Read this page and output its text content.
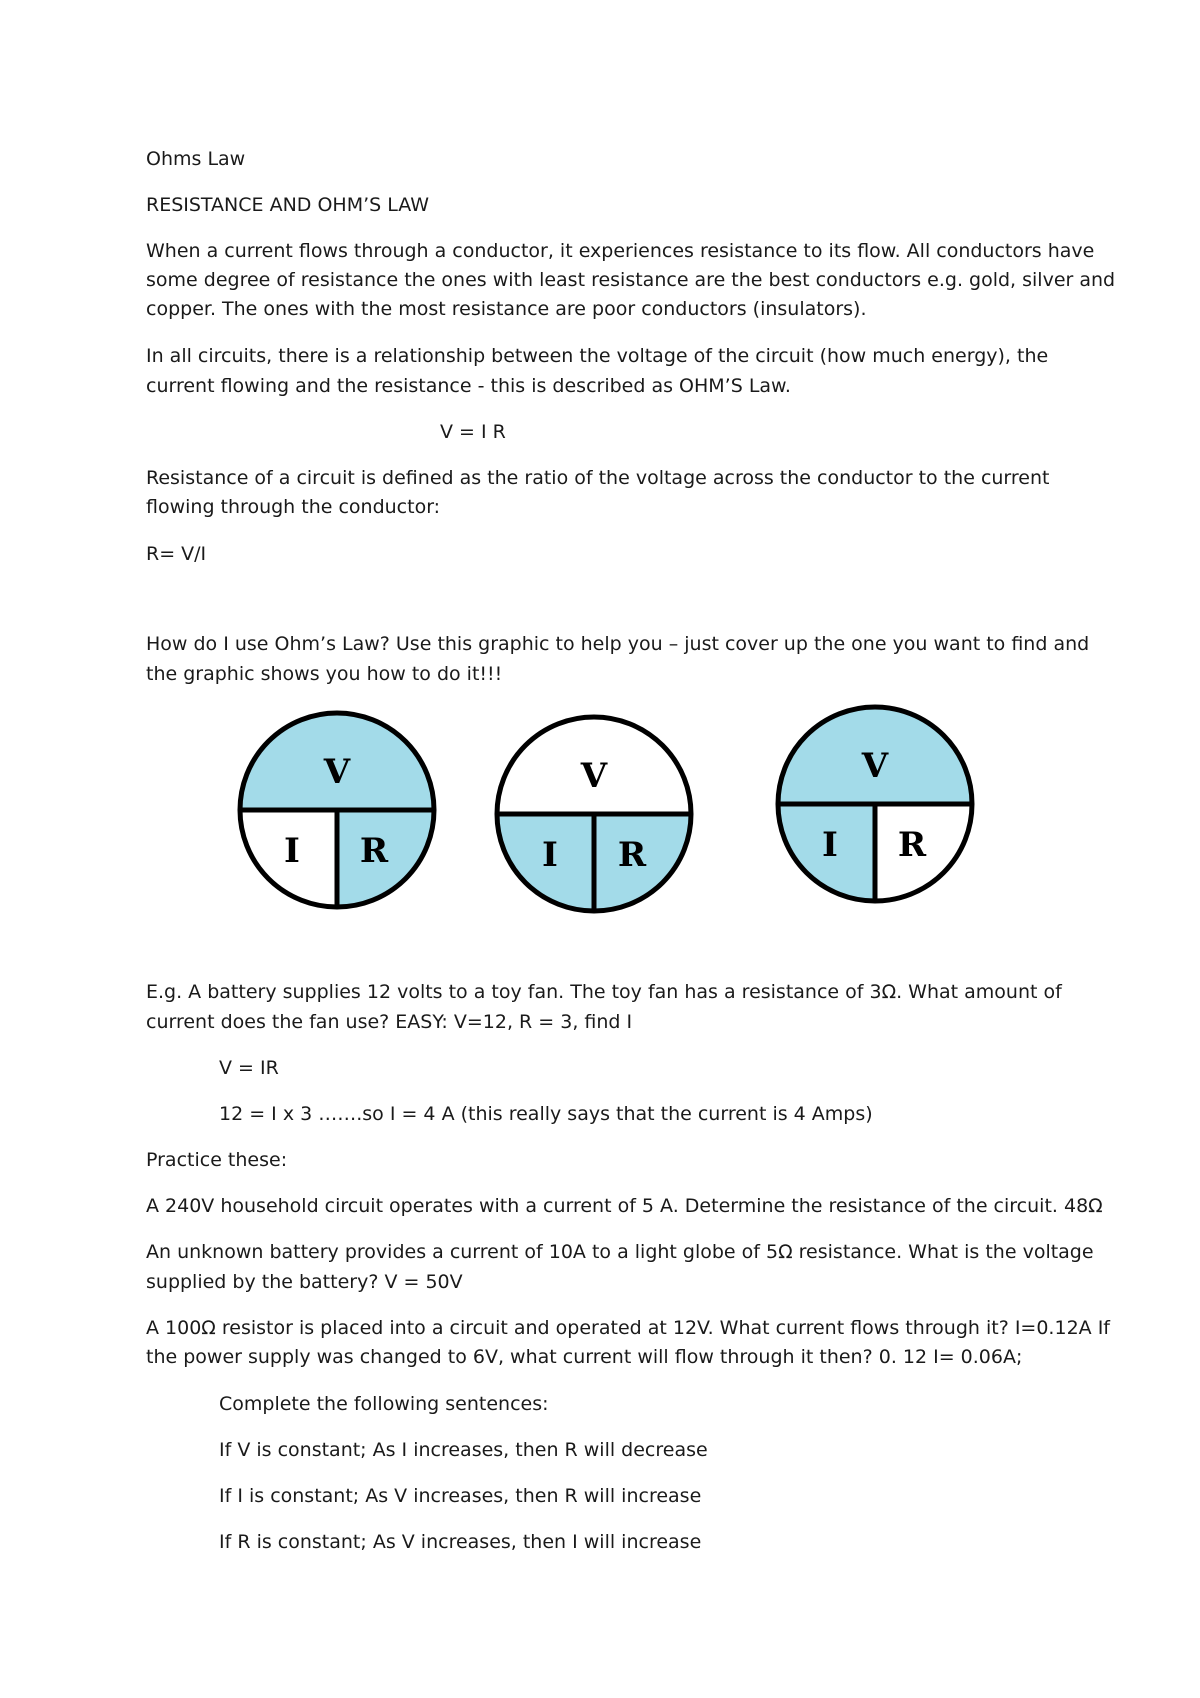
Ohms Law

RESISTANCE AND OHM’S LAW

When a current flows through a conductor, it experiences resistance to its flow. All conductors have

some degree of resistance the ones with least resistance are the best conductors e.g. gold, silver and

copper. The ones with the most resistance are poor conductors (insulators).

In all circuits, there is a relationship between the voltage of the circuit (how much energy), the

current flowing and the resistance - this is described as OHM’S Law.

V = I R

Resistance of a circuit is defined as the ratio of the voltage across the conductor to the current

flowing through the conductor:

R= V/I

How do I use Ohm’s Law? Use this graphic to help you – just cover up the one you want to find and

the graphic shows you how to do it!!!

V
I R
V
I R
V
I R

E.g. A battery supplies 12 volts to a toy fan. The toy fan has a resistance of 3Ω. What amount of

current does the fan use? EASY: V=12, R = 3, find I

V = IR

12 = I x 3 …….so I = 4 A (this really says that the current is 4 Amps)

Practice these:

A 240V household circuit operates with a current of 5 A. Determine the resistance of the circuit. 48Ω

An unknown battery provides a current of 10A to a light globe of 5Ω resistance. What is the voltage

supplied by the battery? V = 50V

A 100Ω resistor is placed into a circuit and operated at 12V. What current flows through it? I=0.12A If

the power supply was changed to 6V, what current will flow through it then? 0. 12 I= 0.06A;

Complete the following sentences:

If V is constant; As I increases, then R will decrease

If I is constant; As V increases, then R will increase

If R is constant; As V increases, then I will increase
